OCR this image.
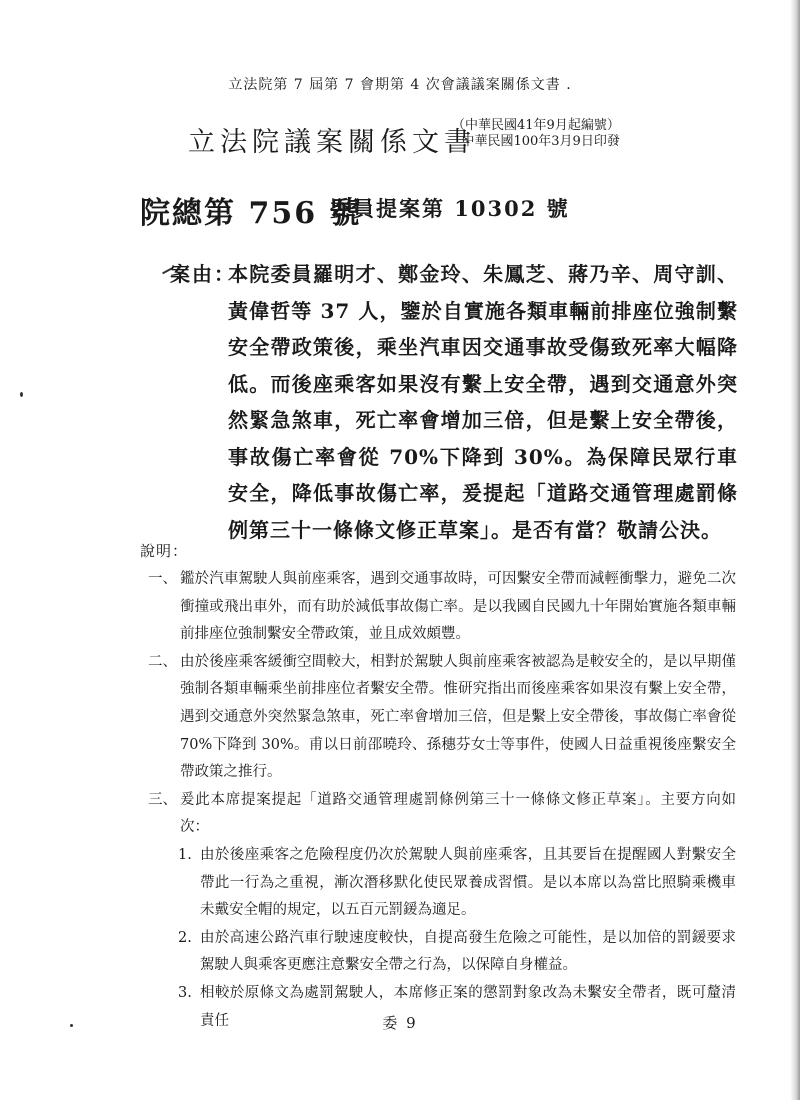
立法院第 7 屆第 7 會期第 4 次會議議案關係文書 .
立法院議案關係文書
（中華民國41年9月起編號）
中華民國100年3月9日印發
院總第 756 號
委員提案第 10302 號
案由：

本院委員羅明才、鄭金玲、朱鳳芝、蔣乃辛、周守訓、黃偉哲等 37 人，鑒於自實施各類車輛前排座位強制繫安全帶政策後，乘坐汽車因交通事故受傷致死率大幅降低。而後座乘客如果沒有繫上安全帶，遇到交通意外突然緊急煞車，死亡率會增加三倍，但是繫上安全帶後，事故傷亡率會從 70%下降到 30%。為保障民眾行車安全，降低事故傷亡率，爰提起「道路交通管理處罰條例第三十一條條文修正草案」。是否有當？敬請公決。

說明：
一、 鑑於汽車駕駛人與前座乘客，遇到交通事故時，可因繫安全帶而減輕衝擊力，避免二次衝撞或飛出車外，而有助於減低事故傷亡率。是以我國自民國九十年開始實施各類車輛前排座位強制繫安全帶政策，並且成效頗豐。
二、 由於後座乘客緩衝空間較大，相對於駕駛人與前座乘客被認為是較安全的，是以早期僅強制各類車輛乘坐前排座位者繫安全帶。惟研究指出而後座乘客如果沒有繫上安全帶，遇到交通意外突然緊急煞車，死亡率會增加三倍，但是繫上安全帶後，事故傷亡率會從 70%下降到 30%。甫以日前邵曉玲、孫穗芬女士等事件，使國人日益重視後座繫安全帶政策之推行。
三、 爰此本席提案提起「道路交通管理處罰條例第三十一條條文修正草案」。主要方向如次：
1. 由於後座乘客之危險程度仍次於駕駛人與前座乘客，且其要旨在提醒國人對繫安全帶此一行為之重視，漸次潛移默化使民眾養成習慣。是以本席以為當比照騎乘機車未戴安全帽的規定，以五百元罰鍰為適足。
2. 由於高速公路汽車行駛速度較快，自提高發生危險之可能性，是以加倍的罰鍰要求駕駛人與乘客更應注意繫安全帶之行為，以保障自身權益。
3. 相較於原條文為處罰駕駛人，本席修正案的懲罰對象改為未繫安全帶者，既可釐清責任	委 9
